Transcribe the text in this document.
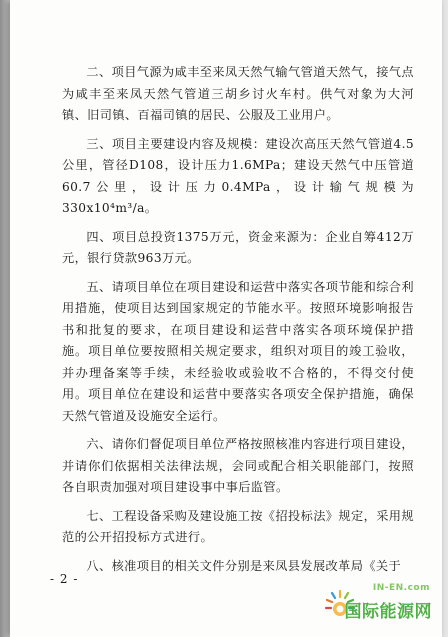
二、项目气源为咸丰至来凤天然气输气管道天然气，接气点为咸丰至来凤天然气管道三胡乡讨火车村。供气对象为大河镇、旧司镇、百福司镇的居民、公服及工业用户。

三、项目主要建设内容及规模：建设次高压天然气管道4.5公里，管径D108，设计压力1.6MPa；建设天然气中压管道60.7公里，设计压力0.4MPa，设计输气规模为330x10⁴m³/a。

四、项目总投资1375万元，资金来源为：企业自筹412万元，银行贷款963万元。

五、请项目单位在项目建设和运营中落实各项节能和综合利用措施，使项目达到国家规定的节能水平。按照环境影响报告书和批复的要求，在项目建设和运营中落实各项环境保护措施。项目单位要按照相关规定要求，组织对项目的竣工验收，并办理备案等手续，未经验收或验收不合格的，不得交付使用。项目单位在建设和运营中要落实各项安全保护措施，确保天然气管道及设施安全运行。

六、请你们督促项目单位严格按照核准内容进行项目建设，并请你们依据相关法律法规，会同或配合相关职能部门，按照各自职责加强对项目建设事中事后监管。

七、工程设备采购及建设施工按《招投标法》规定，采用规范的公开招投标方式进行。

八、核准项目的相关文件分别是来凤县发展改革局《关于

- 2 -
IN-EN.com
国际能源网
